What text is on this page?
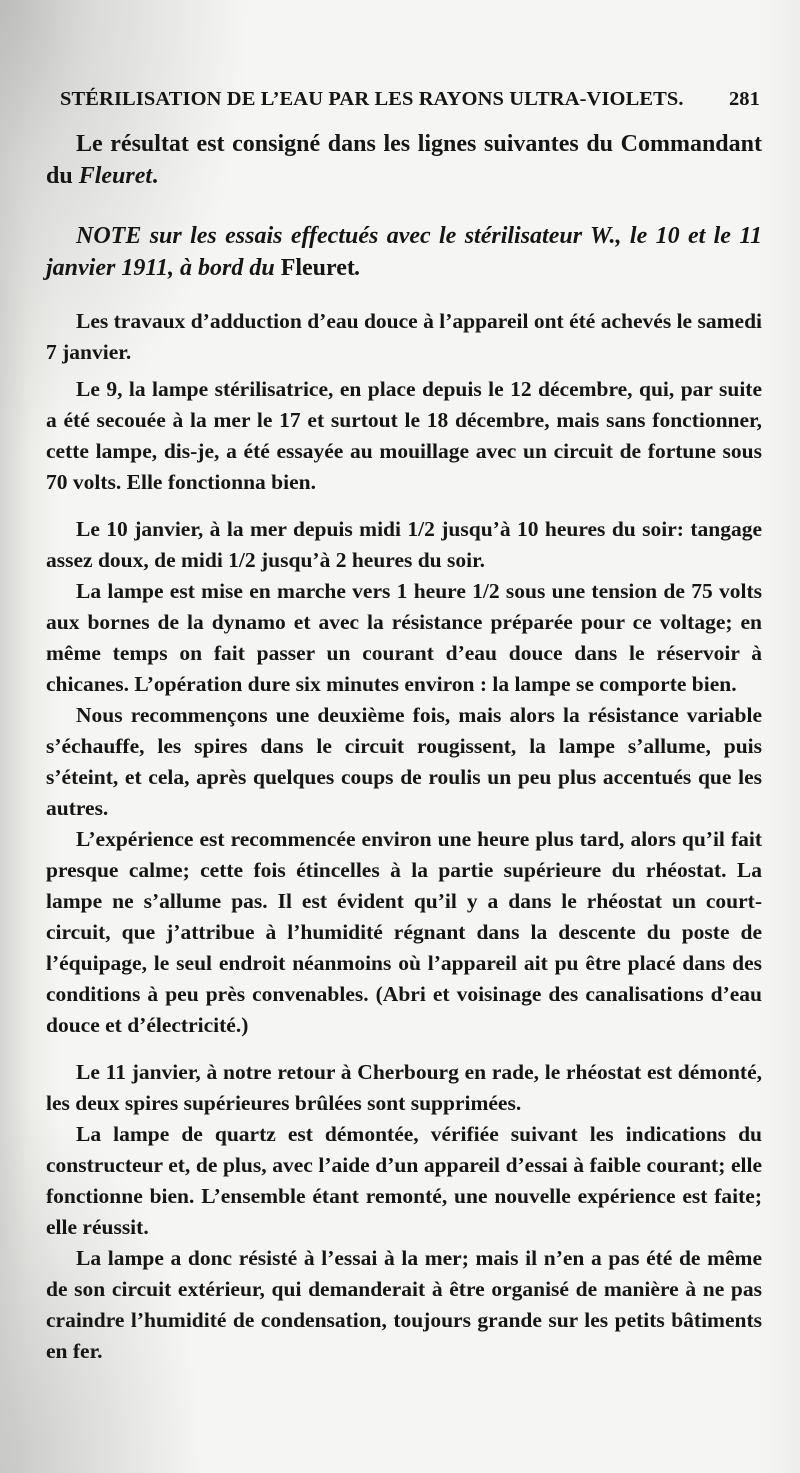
STÉRILISATION DE L’EAU PAR LES RAYONS ULTRA-VIOLETS. 281

Le résultat est consigné dans les lignes suivantes du Commandant du Fleuret.

NOTE sur les essais effectués avec le stérilisateur W., le 10 et le 11 janvier 1911, à bord du Fleuret.

Les travaux d’adduction d’eau douce à l’appareil ont été achevés le samedi 7 janvier.

Le 9, la lampe stérilisatrice, en place depuis le 12 décembre, qui, par suite a été secouée à la mer le 17 et surtout le 18 décembre, mais sans fonctionner, cette lampe, dis-je, a été essayée au mouillage avec un circuit de fortune sous 70 volts. Elle fonctionna bien.

Le 10 janvier, à la mer depuis midi 1/2 jusqu’à 10 heures du soir: tangage assez doux, de midi 1/2 jusqu’à 2 heures du soir.

La lampe est mise en marche vers 1 heure 1/2 sous une tension de 75 volts aux bornes de la dynamo et avec la résistance préparée pour ce voltage; en même temps on fait passer un courant d’eau douce dans le réservoir à chicanes. L’opération dure six minutes environ : la lampe se comporte bien.

Nous recommençons une deuxième fois, mais alors la résistance variable s’échauffe, les spires dans le circuit rougissent, la lampe s’allume, puis s’éteint, et cela, après quelques coups de roulis un peu plus accentués que les autres.

L’expérience est recommencée environ une heure plus tard, alors qu’il fait presque calme; cette fois étincelles à la partie supérieure du rhéostat. La lampe ne s’allume pas. Il est évident qu’il y a dans le rhéostat un court-circuit, que j’attribue à l’humidité régnant dans la descente du poste de l’équipage, le seul endroit néanmoins où l’appareil ait pu être placé dans des conditions à peu près convenables. (Abri et voisinage des canalisations d’eau douce et d’électricité.)

Le 11 janvier, à notre retour à Cherbourg en rade, le rhéostat est démonté, les deux spires supérieures brûlées sont supprimées.

La lampe de quartz est démontée, vérifiée suivant les indications du constructeur et, de plus, avec l’aide d’un appareil d’essai à faible courant; elle fonctionne bien. L’ensemble étant remonté, une nouvelle expérience est faite; elle réussit.

La lampe a donc résisté à l’essai à la mer; mais il n’en a pas été de même de son circuit extérieur, qui demanderait à être organisé de manière à ne pas craindre l’humidité de condensation, toujours grande sur les petits bâtiments en fer.
